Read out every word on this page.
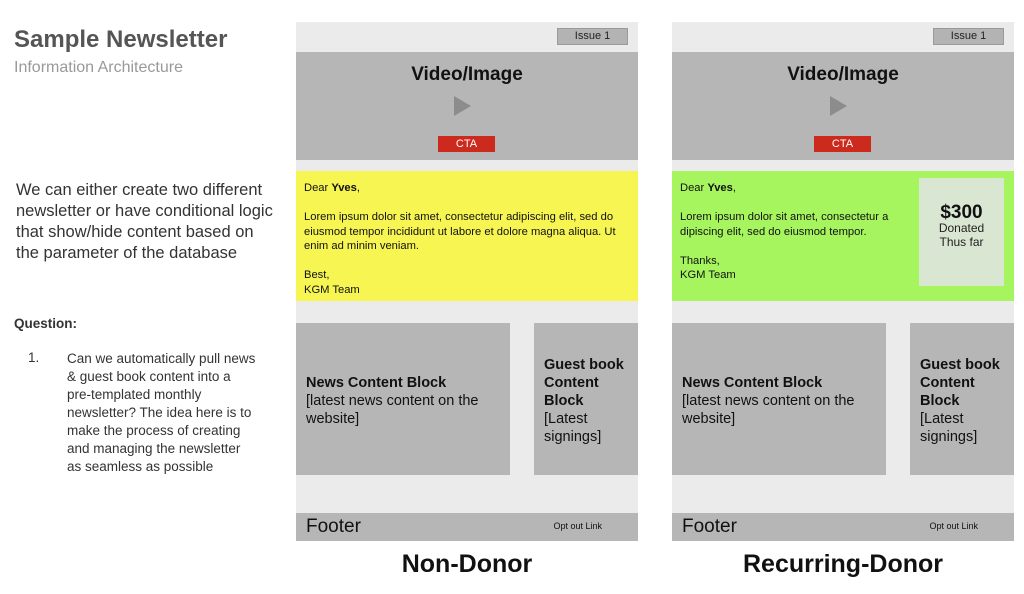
Sample Newsletter
Information Architecture
We can either create two different newsletter or have conditional logic that show/hide content based on the parameter of the database
Question:
1. Can we automatically pull news & guest book content into a pre-templated monthly newsletter? The idea here is to make the process of creating and managing the newsletter as seamless as possible
Issue 1
Video/Image
CTA

Dear Yves,

Lorem ipsum dolor sit amet, consectetur adipiscing elit, sed do eiusmod tempor incididunt ut labore et dolore magna aliqua. Ut enim ad minim veniam.

Best,

KGM Team

News Content Block
[latest news content on the website]
Guest book Content Block
[Latest signings]
Footer	Opt out Link
Non-Donor
Issue 1
Video/Image
CTA

Dear Yves,

Lorem ipsum dolor sit amet, consectetur a dipiscing elit, sed do eiusmod tempor.

Thanks,

KGM Team

$300
Donated
Thus far
News Content Block
[latest news content on the website]
Guest book Content Block
[Latest signings]
Footer	Opt out Link
Recurring-Donor
